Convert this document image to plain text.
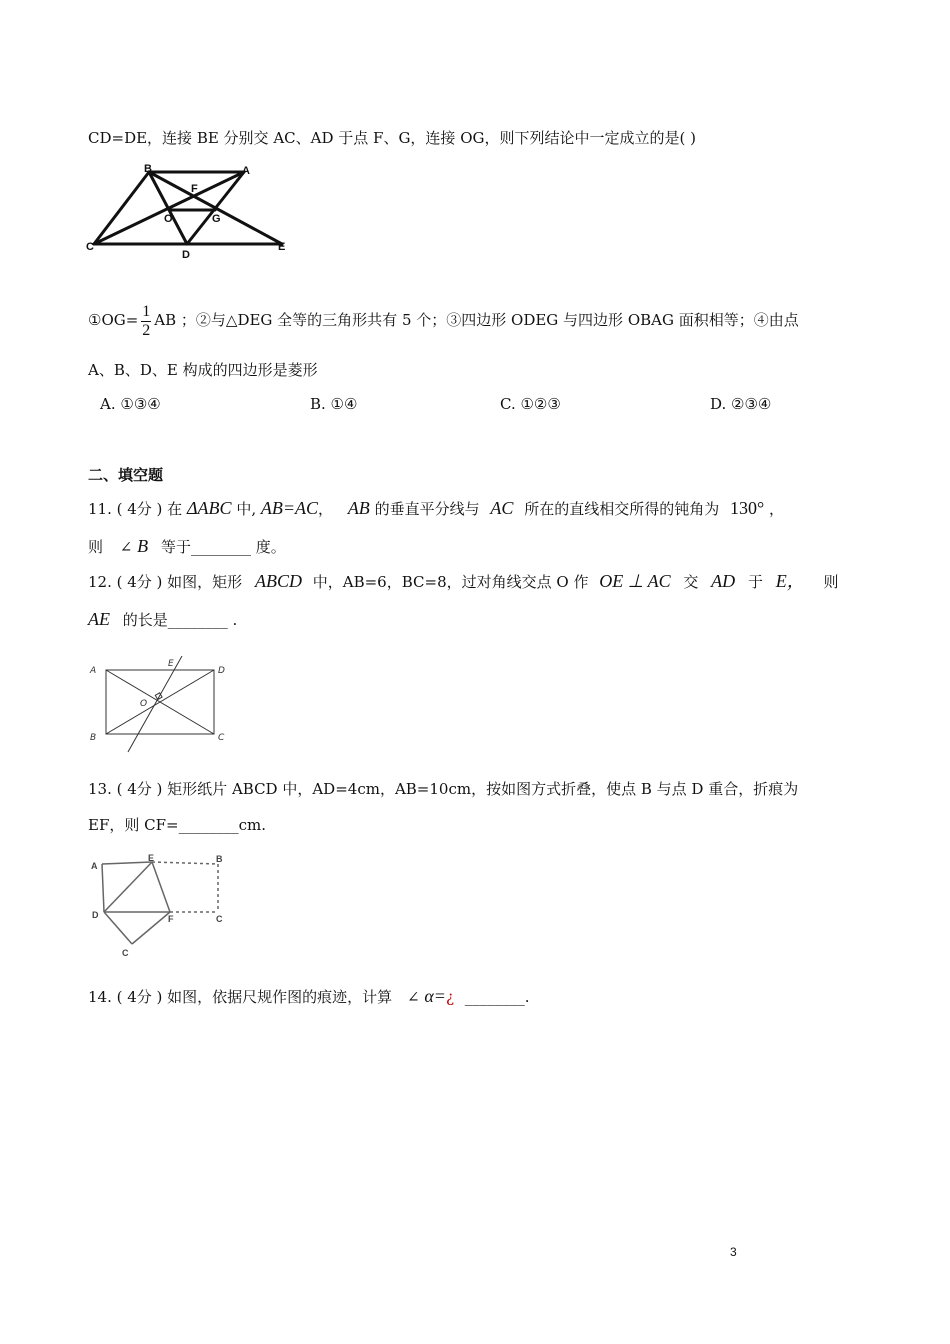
CD=DE，连接 BE 分别交 AC、AD 于点 F、G，连接 OG，则下列结论中一定成立的是( )
B	A
F
O	G
C
D
E
①OG= $\frac{1}{2}$ AB ；②与△DEG 全等的三角形共有 5 个；③四边形 ODEG 与四边形 OBAG 面积相等；④由点
A、B、D、E 构成的四边形是菱形
A. ①③④	B. ①④	C. ①②③	D. ②③④
二、填空题
11. ( 4分 ) 在 ΔABC 中, AB=AC， AB 的垂直平分线与 AC 所在的直线相交所得的钝角为 130° ，
则 ∠ B 等于________ 度。
12. ( 4分 ) 如图，矩形 ABCD 中，AB=6，BC=8，过对角线交点 O 作 OE ⊥ AC 交 AD 于 E， 则
AE 的长是________ .
A
E
D
O
B	C
13. ( 4分 ) 矩形纸片 ABCD 中，AD=4cm，AB=10cm，按如图方式折叠，使点 B 与点 D 重合，折痕为
EF，则 CF=________cm.
A
E	B
D	F	C
C
14. ( 4分 ) 如图，依据尺规作图的痕迹，计算 ∠ α=¿ ________.
3
